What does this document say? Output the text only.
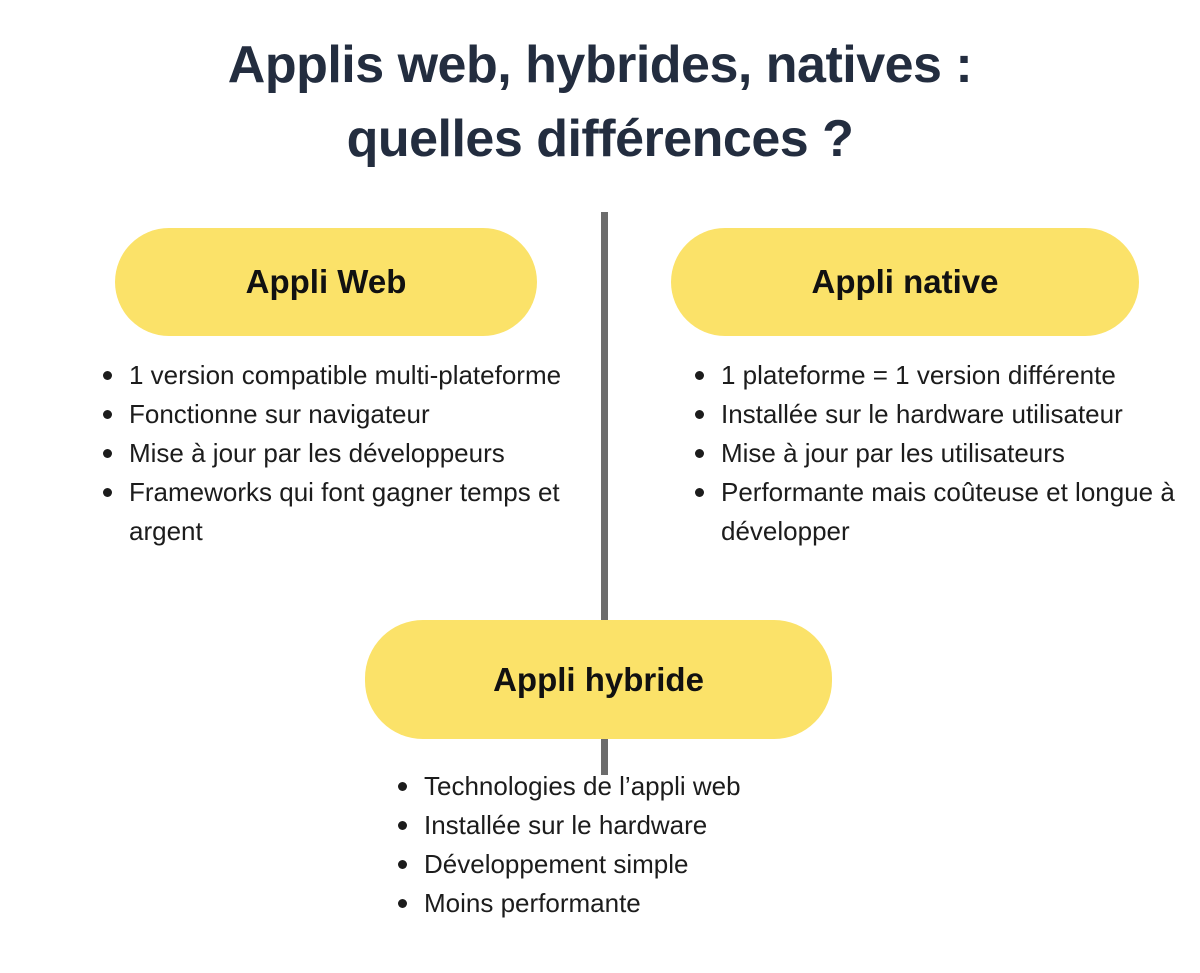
Applis web, hybrides, natives :
quelles différences ?
Appli Web	Appli native
Appli hybride
1 version compatible multi-plateforme
Fonctionne sur navigateur
Mise à jour par les développeurs
Frameworks qui font gagner temps et argent
1 plateforme = 1 version différente
Installée sur le hardware utilisateur
Mise à jour par les utilisateurs
Performante mais coûteuse et longue à développer
Technologies de l’appli web
Installée sur le hardware
Développement simple
Moins performante
